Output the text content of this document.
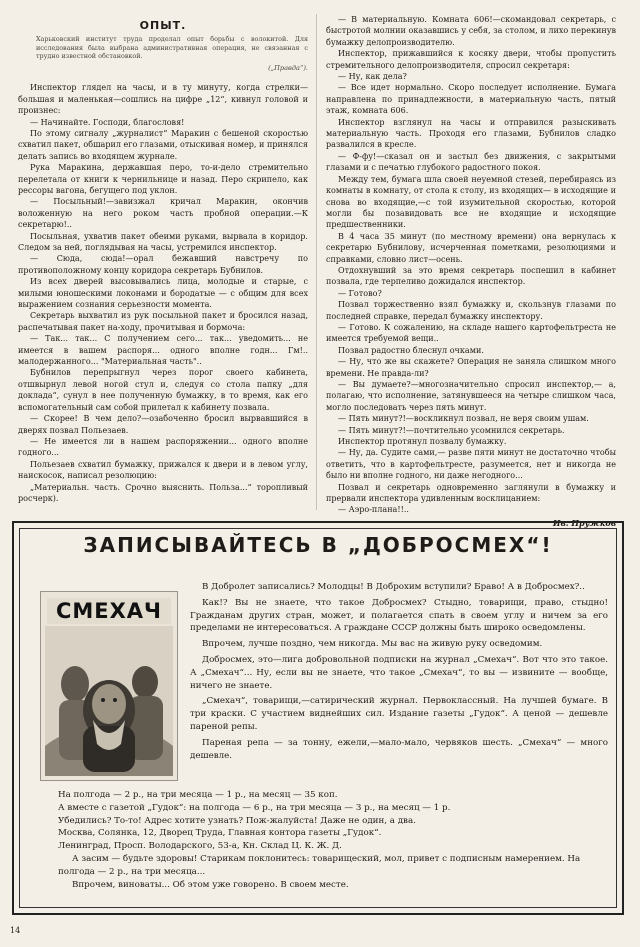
ОПЫТ.
Харьковский институт труда проделал опыт борьбы с волокитой. Для исследования была выбрана административная операция, не связанная с трудно известной обстановкой.
(„Правда“).

Инспектор глядел на часы, и в ту минуту, когда стрелки— большая и маленькая—сошлись на цифре „12“, кивнул головой и произнес:

— Начинайте. Господи, благословя!

По этому сигналу „журналист“ Маракин с бешеной скоростью схватил пакет, обшарил его глазами, отыскивая номер, и принялся делать запись во входящем журнале.

Рука Маракина, державшая перо, то-и-дело стремительно перелетала от книги к чернильнице и назад. Перо скрипело, как рессоры вагона, бегущего под уклон.

— Посыльный!—завизжал кричал Маракин, окончив воложенную на него роком часть пробной операции.—К секретарю!..

Посыльная, ухватив пакет обеими руками, вырвала в коридор. Следом за ней, поглядывая на часы, устремился инспектор.

— Сюда, сюда!—орал бежавший навстречу по противоположному концу коридора секретарь Бубнилов.

Из всех дверей высовывались лица, молодые и старые, с милыми юношескими локонами и бородатые — с общим для всех выражением сознания серьезности момента.

Секретарь выхватил из рук посыльной пакет и бросился назад, распечатывая пакет на-ходу, прочитывая и бормоча:

— Так... так... С получением сего... так... уведомить... не имеется в вашем распоря... одного вполне годн... Гм!.. малодержанного... "Материальная часть"..

Бубнилов перепрыгнул через порог своего кабинета, отшвырнул левой ногой стул и, следуя со стола папку „для доклада“, сунул в нее полученную бумажку, в то время, как его вспомогательный сам собой прилетал к кабинету позвала.

— Скорее! В чем дело?—озабоченно бросил вырвавшийся в дверях позвал Польезаев.

— Не имеется ли в нашем распоряжении... одного вполне годного...

Польезаев схватил бумажку, прижался к двери и в левом углу, наискосок, написал резолюцию:

„Материальн. часть. Срочно выяснить. Польза...“ торопливый росчерк).

— В материальную. Комната 606!—скомандовал секретарь, с быстротой молнии оказавшись у себя, за столом, и лихо перекинув бумажку делопроизводителю.

Инспектор, прижавшийся к косяку двери, чтобы пропустить стремительного делопроизводителя, спросил секретаря:

— Ну, как дела?

— Все идет нормально. Скоро последует исполнение. Бумага направлена по принадлежности, в материальную часть, пятый этаж, комната 606.

Инспектор взглянул на часы и отправился разыскивать материальную часть. Проходя его глазами, Бубнилов сладко развалился в кресле.

— Ф-фу!—сказал он и застыл без движения, с закрытыми глазами и с печатью глубокого радостного покоя.

Между тем, бумага шла своей неуемной стезей, перебираясь из комнаты в комнату, от стола к столу, из входящих— в исходящие и снова во входящие,—с той изумительной скоростью, которой могли бы позавидовать все не входящие и исходящие предшественники.

В 4 часа 35 минут (по местному времени) она вернулась к секретарю Бубнилову, исчерченная пометками, резолюциями и справками, словно лист—осень.

Отдохнувший за это время секретарь поспешил в кабинет позвала, где терпеливо дожидался инспектор.

— Готово?

Позвал торжественно взял бумажку и, скользнув глазами по последней справке, передал бумажку инспектору.

— Готово. К сожалению, на складе нашего картофельтреста не имеется требуемой вещи..

Позвал радостно блеснул очками.

— Ну, что же вы скажете? Операция не заняла слишком много времени. Не правда-ли?

— Вы думаете?—многозначительно спросил инспектор,— а, полагаю, что исполнение, затянувшееся на четыре слишком часа, могло последовать через пять минут.

— Пять минут?!—воскликнул позвал, не веря своим ушам.

— Пять минут?!—почтительно усомнился секретарь.

Инспектор протянул позвалу бумажку.

— Ну, да. Судите сами,— разве пяти минут не достаточно чтобы ответить, что в картофельтресте, разумеется, нет и никогда не было ни вполне годного, ни даже негодного...

Позвал и секретарь одновременно заглянули в бумажку и прервали инспектора удивленным восклицанием:

— Аэро-плана!!..

Ив. Пружков
ЗАПИСЫВАЙТЕСЬ В „ДОБРОСМЕХ“!
СМЕХАЧ

В Добролет записались? Молодцы! В Доброхим вступили? Браво! А в Добросмех?..

Как!? Вы не знаете, что такое Добросмех? Стыдно, товарищи, право, стыдно! Гражданам других стран, может, и полагается спать в своем углу и ничем за его пределами не интересоваться. А граждане СССР должны быть широко осведомлены.

Впрочем, лучше поздно, чем никогда. Мы вас на живую руку осведомим.

Добросмех, это—лига добровольной подписки на журнал „Смехач“. Вот что это такое. А „Смехач“... Ну, если вы не знаете, что такое „Смехач“, то вы — извините — вообще, ничего не знаете.

„Смехач“, товарищи,—сатирический журнал. Первоклассный. На лучшей бумаге. В три краски. С участием виднейших сил. Издание газеты „Гудок“. А ценой — дешевле пареной репы.

Пареная репа — за тонну, ежели,—мало-мало, червяков шесть. „Смехач“ — много дешевле.

На полгода — 2 р., на три месяца — 1 р., на месяц — 35 коп.

А вместе с газетой „Гудок“: на полгода — 6 р., на три месяца — 3 р., на месяц — 1 р.

Убедились? То-то! Адрес хотите узнать? Пож-жалуйста! Даже не один, а два.

Москва, Солянка, 12, Дворец Труда, Главная контора газеты „Гудок“.

Ленинград, Просп. Володарского, 53-а, Кн. Склад Ц. К. Ж. Д.

А засим — будьте здоровы! Старикам поклонитесь: товарищеский, мол, привет с подписным намерением. На полгода — 2 р., на три месяца...

Впрочем, виноваты... Об этом уже говорено. В своем месте.

14
